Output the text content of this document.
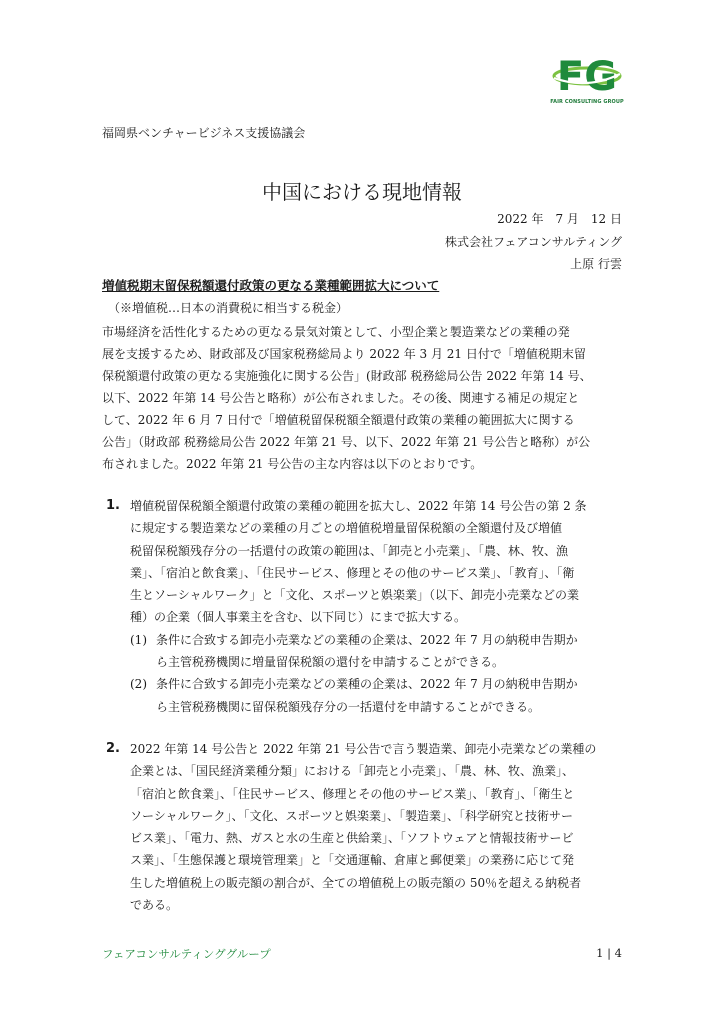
FG
FAIR CONSULTING GROUP
福岡県ベンチャービジネス支援協議会
中国における現地情報
2022 年　7 月　12 日
株式会社フェアコンサルティング
上原 行雲
増値税期末留保税額還付政策の更なる業種範囲拡大について
（※増値税…日本の消費税に相当する税金）
市場経済を活性化するための更なる景気対策として、小型企業と製造業などの業種の発
展を支援するため、財政部及び国家税務総局より 2022 年 3 月 21 日付で「増値税期末留
保税額還付政策の更なる実施強化に関する公告」(財政部 税務総局公告 2022 年第 14 号、
以下、2022 年第 14 号公告と略称）が公布されました。その後、関連する補足の規定と
して、2022 年 6 月 7 日付で「増値税留保税額全額還付政策の業種の範囲拡大に関する
公告」（財政部 税務総局公告 2022 年第 21 号、以下、2022 年第 21 号公告と略称）が公
布されました。2022 年第 21 号公告の主な内容は以下のとおりです。
1. 増値税留保税額全額還付政策の業種の範囲を拡大し、2022 年第 14 号公告の第 2 条
に規定する製造業などの業種の月ごとの増値税増量留保税額の全額還付及び増値
税留保税額残存分の一括還付の政策の範囲は、「卸売と小売業」、「農、林、牧、漁
業」、「宿泊と飲食業」、「住民サービス、修理とその他のサービス業」、「教育」、「衛
生とソーシャルワーク」と「文化、スポーツと娯楽業」（以下、卸売小売業などの業
種）の企業（個人事業主を含む、以下同じ）にまで拡大する。
(1) 条件に合致する卸売小売業などの業種の企業は、2022 年 7 月の納税申告期か
ら主管税務機関に増量留保税額の還付を申請することができる。
(2) 条件に合致する卸売小売業などの業種の企業は、2022 年 7 月の納税申告期か
ら主管税務機関に留保税額残存分の一括還付を申請することができる。
2. 2022 年第 14 号公告と 2022 年第 21 号公告で言う製造業、卸売小売業などの業種の
企業とは、「国民経済業種分類」における「卸売と小売業」、「農、林、牧、漁業」、
「宿泊と飲食業」、「住民サービス、修理とその他のサービス業」、「教育」、「衛生と
ソーシャルワーク」、「文化、スポーツと娯楽業」、「製造業」、「科学研究と技術サー
ビス業」、「電力、熱、ガスと水の生産と供給業」、「ソフトウェアと情報技術サービ
ス業」、「生態保護と環境管理業」と「交通運輸、倉庫と郵便業」の業務に応じて発
生した増値税上の販売額の割合が、全ての増値税上の販売額の 50％を超える納税者
である。
フェアコンサルティンググループ	1 | 4
